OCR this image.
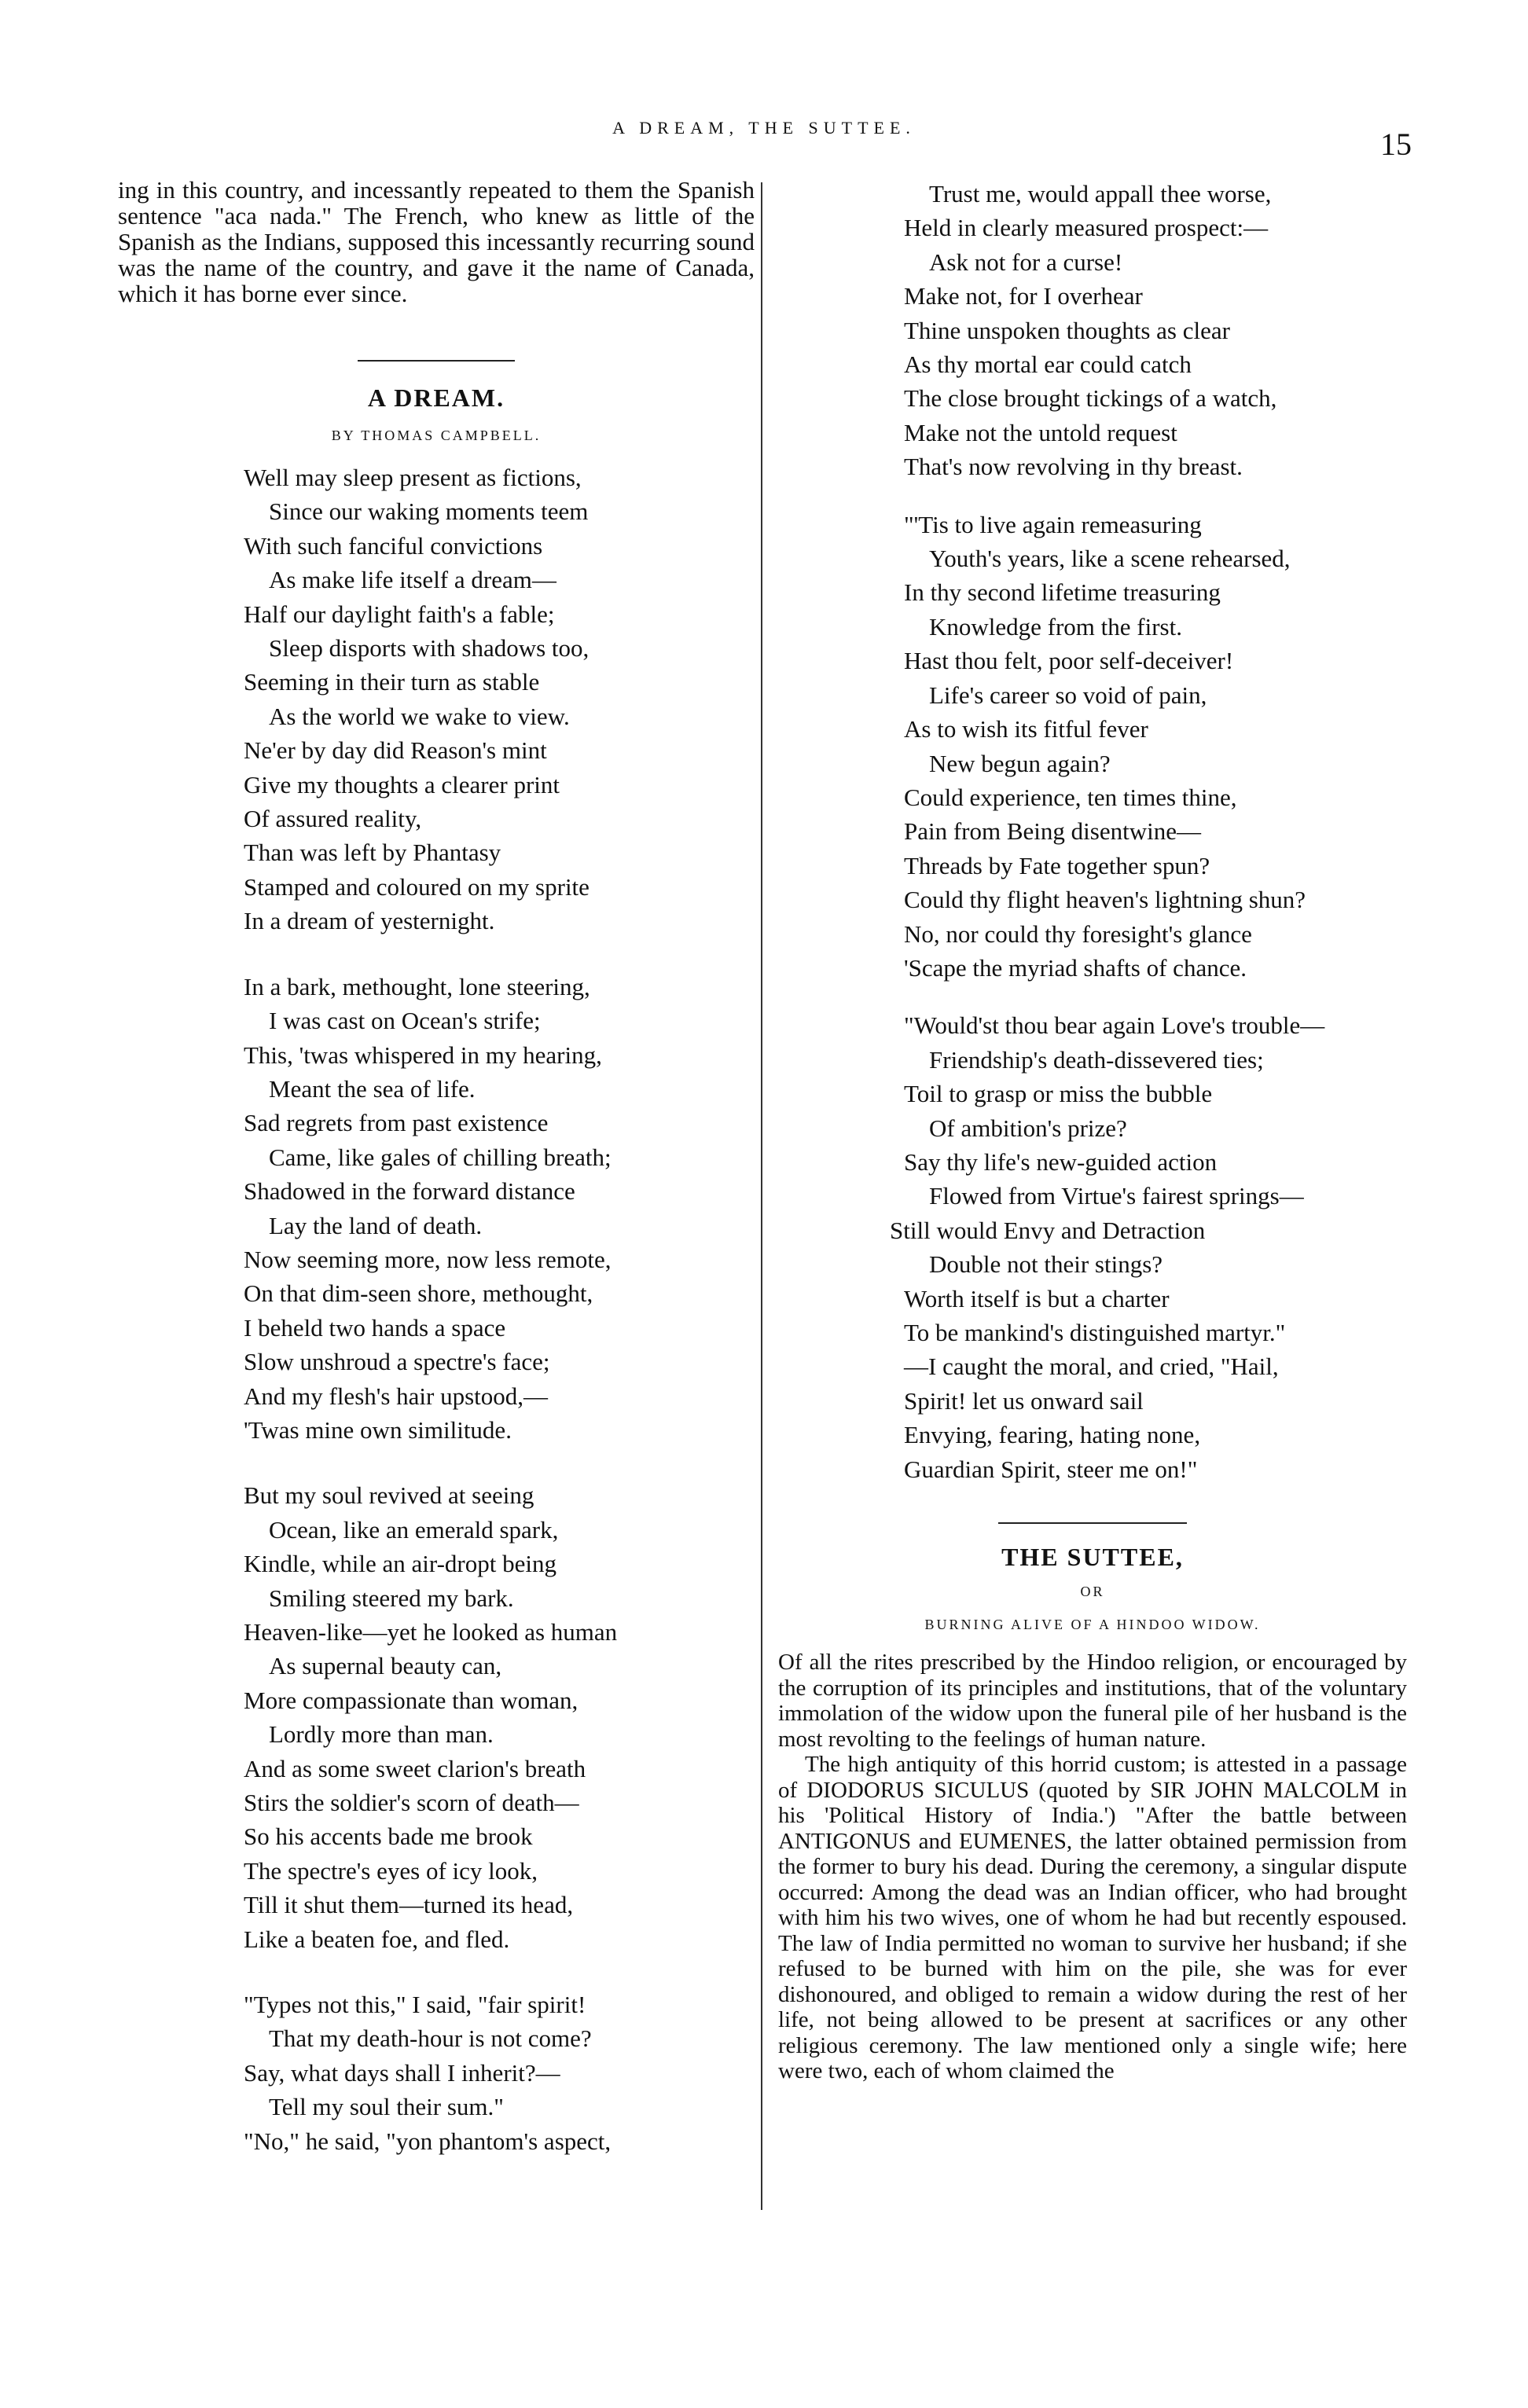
A DREAM, THE SUTTEE.	15

ing in this country, and incessantly repeated to them the Spanish sentence "aca nada." The French, who knew as little of the Spanish as the Indians, supposed this incessantly recurring sound was the name of the country, and gave it the name of Canada, which it has borne ever since.

A DREAM.
BY THOMAS CAMPBELL.
Well may sleep present as fictions,
Since our waking moments teem
With such fanciful convictions
As make life itself a dream—
Half our daylight faith's a fable;
Sleep disports with shadows too,
Seeming in their turn as stable
As the world we wake to view.
Ne'er by day did Reason's mint
Give my thoughts a clearer print
Of assured reality,
Than was left by Phantasy
Stamped and coloured on my sprite
In a dream of yesternight.
In a bark, methought, lone steering,
I was cast on Ocean's strife;
This, 'twas whispered in my hearing,
Meant the sea of life.
Sad regrets from past existence
Came, like gales of chilling breath;
Shadowed in the forward distance
Lay the land of death.
Now seeming more, now less remote,
On that dim-seen shore, methought,
I beheld two hands a space
Slow unshroud a spectre's face;
And my flesh's hair upstood,—
'Twas mine own similitude.
But my soul revived at seeing
Ocean, like an emerald spark,
Kindle, while an air-dropt being
Smiling steered my bark.
Heaven-like—yet he looked as human
As supernal beauty can,
More compassionate than woman,
Lordly more than man.
And as some sweet clarion's breath
Stirs the soldier's scorn of death—
So his accents bade me brook
The spectre's eyes of icy look,
Till it shut them—turned its head,
Like a beaten foe, and fled.
"Types not this," I said, "fair spirit!
That my death-hour is not come?
Say, what days shall I inherit?—
Tell my soul their sum."
"No," he said, "yon phantom's aspect,
Trust me, would appall thee worse,
Held in clearly measured prospect:—
Ask not for a curse!
Make not, for I overhear
Thine unspoken thoughts as clear
As thy mortal ear could catch
The close brought tickings of a watch,
Make not the untold request
That's now revolving in thy breast.
"'Tis to live again remeasuring
Youth's years, like a scene rehearsed,
In thy second lifetime treasuring
Knowledge from the first.
Hast thou felt, poor self-deceiver!
Life's career so void of pain,
As to wish its fitful fever
New begun again?
Could experience, ten times thine,
Pain from Being disentwine—
Threads by Fate together spun?
Could thy flight heaven's lightning shun?
No, nor could thy foresight's glance
'Scape the myriad shafts of chance.
"Would'st thou bear again Love's trouble—
Friendship's death-dissevered ties;
Toil to grasp or miss the bubble
Of ambition's prize?
Say thy life's new-guided action
Flowed from Virtue's fairest springs—
Still would Envy and Detraction
Double not their stings?
Worth itself is but a charter
To be mankind's distinguished martyr."
—I caught the moral, and cried, "Hail,
Spirit! let us onward sail
Envying, fearing, hating none,
Guardian Spirit, steer me on!"
THE SUTTEE,
OR
BURNING ALIVE OF A HINDOO WIDOW.

Of all the rites prescribed by the Hindoo religion, or encouraged by the corruption of its principles and institutions, that of the voluntary immolation of the widow upon the funeral pile of her husband is the most revolting to the feelings of human nature.

The high antiquity of this horrid custom; is attested in a passage of DIODORUS SICULUS (quoted by SIR JOHN MALCOLM in his 'Political History of India.') "After the battle between ANTIGONUS and EUMENES, the latter obtained permission from the former to bury his dead. During the ceremony, a singular dispute occurred: Among the dead was an Indian officer, who had brought with him his two wives, one of whom he had but recently espoused. The law of India permitted no woman to survive her husband; if she refused to be burned with him on the pile, she was for ever dishonoured, and obliged to remain a widow during the rest of her life, not being allowed to be present at sacrifices or any other religious ceremony. The law mentioned only a single wife; here were two, each of whom claimed the
